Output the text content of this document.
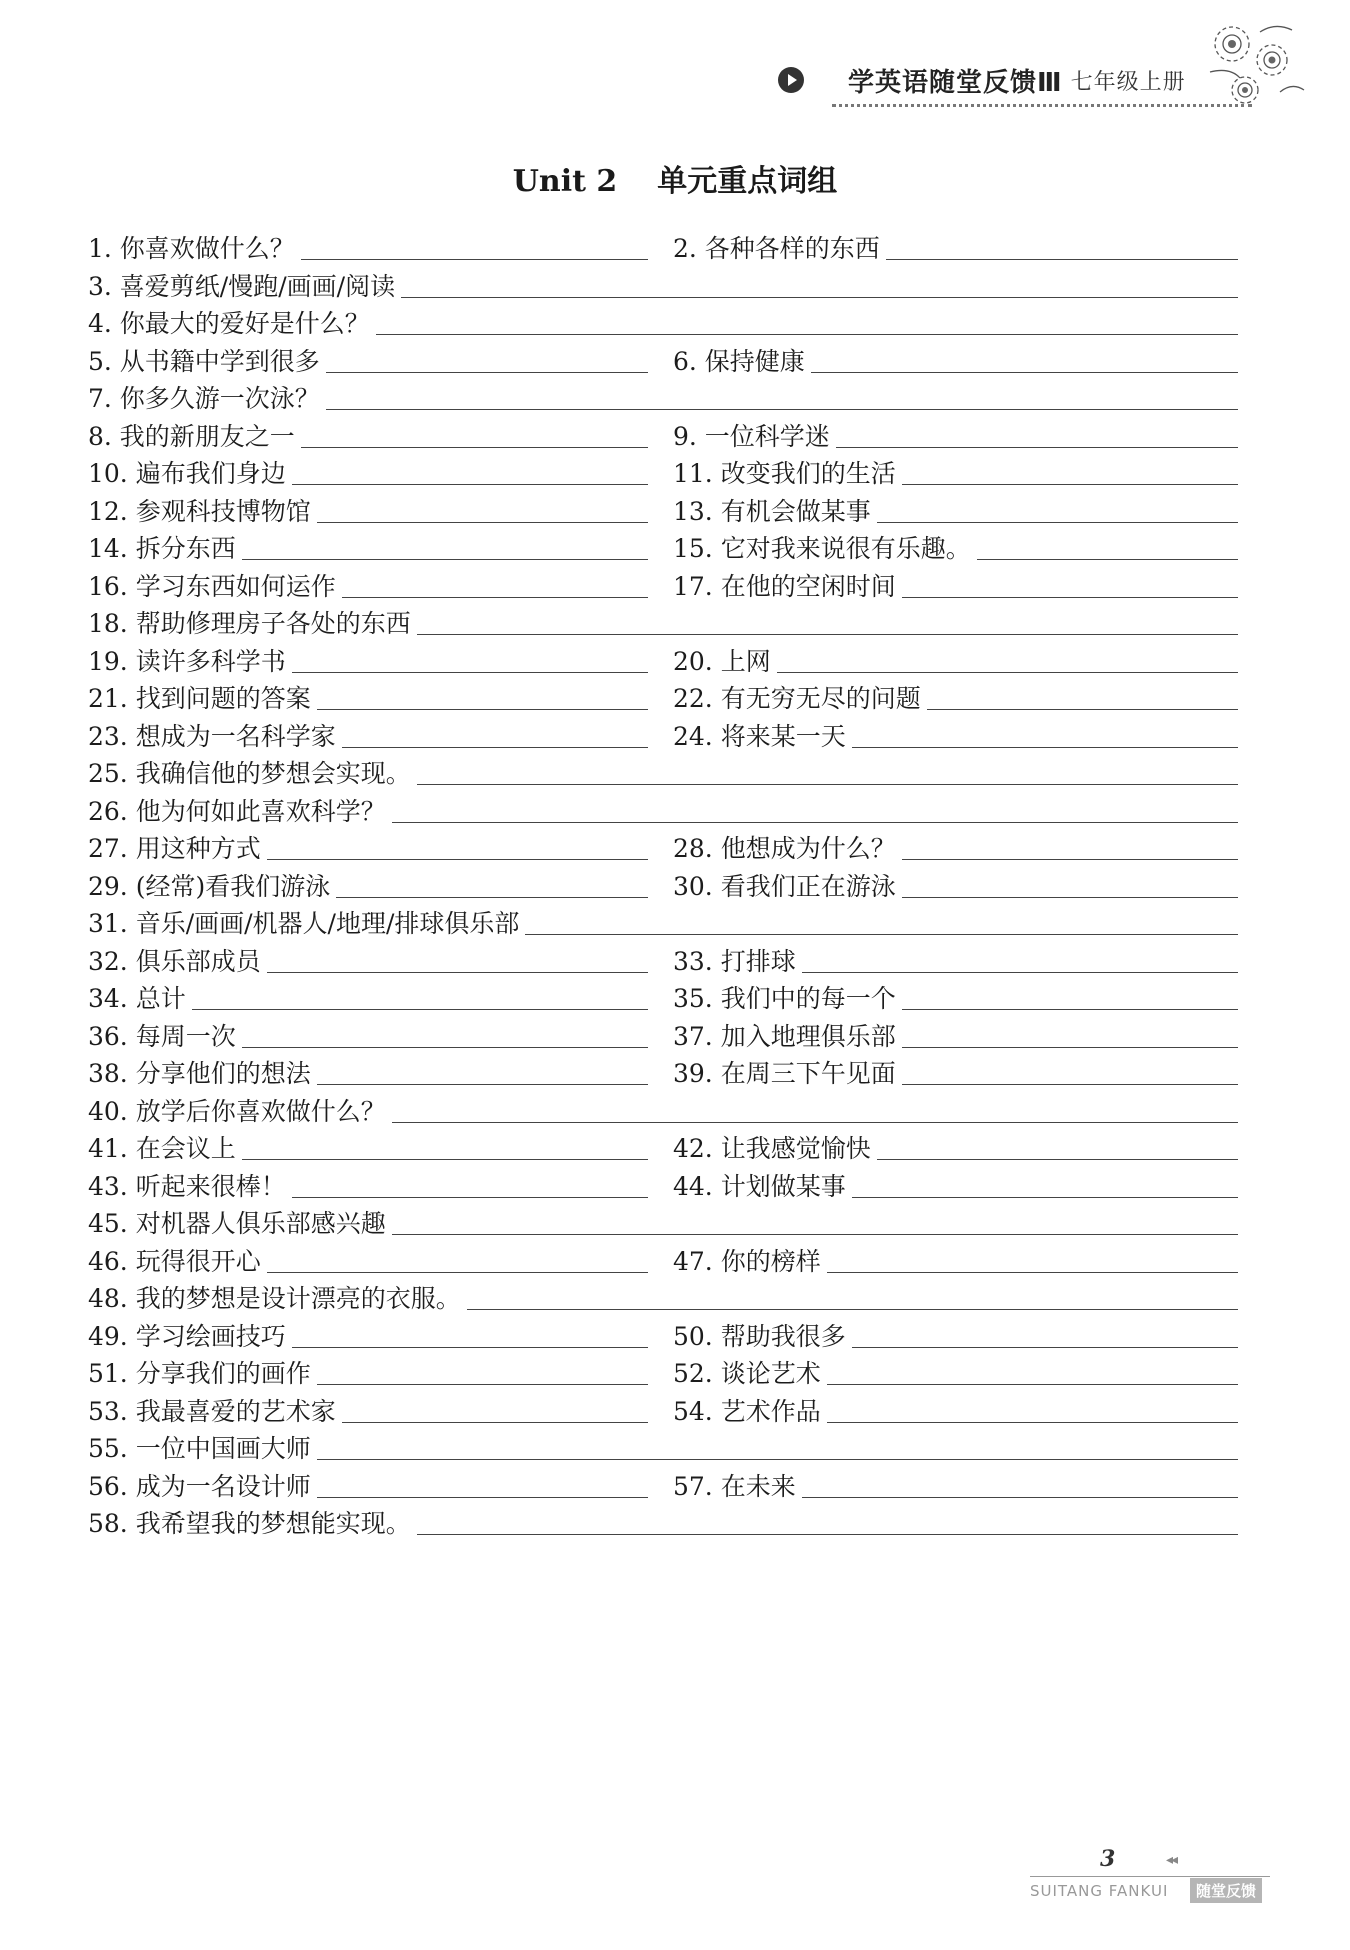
学英语随堂反馈Ⅲ 七年级上册
Unit 2 单元重点词组
1. 你喜欢做什么？	2. 各种各样的东西
3. 喜爱剪纸/慢跑/画画/阅读
4. 你最大的爱好是什么？
5. 从书籍中学到很多	6. 保持健康
7. 你多久游一次泳？
8. 我的新朋友之一	9. 一位科学迷
10. 遍布我们身边	11. 改变我们的生活
12. 参观科技博物馆	13. 有机会做某事
14. 拆分东西	15. 它对我来说很有乐趣。
16. 学习东西如何运作	17. 在他的空闲时间
18. 帮助修理房子各处的东西
19. 读许多科学书	20. 上网
21. 找到问题的答案	22. 有无穷无尽的问题
23. 想成为一名科学家	24. 将来某一天
25. 我确信他的梦想会实现。
26. 他为何如此喜欢科学？
27. 用这种方式	28. 他想成为什么？
29. (经常)看我们游泳	30. 看我们正在游泳
31. 音乐/画画/机器人/地理/排球俱乐部
32. 俱乐部成员	33. 打排球
34. 总计	35. 我们中的每一个
36. 每周一次	37. 加入地理俱乐部
38. 分享他们的想法	39. 在周三下午见面
40. 放学后你喜欢做什么？
41. 在会议上	42. 让我感觉愉快
43. 听起来很棒！	44. 计划做某事
45. 对机器人俱乐部感兴趣
46. 玩得很开心	47. 你的榜样
48. 我的梦想是设计漂亮的衣服。
49. 学习绘画技巧	50. 帮助我很多
51. 分享我们的画作	52. 谈论艺术
53. 我最喜爱的艺术家	54. 艺术作品
55. 一位中国画大师
56. 成为一名设计师	57. 在未来
58. 我希望我的梦想能实现。
3	◂◂
SUITANG FANKUI	随堂反馈
